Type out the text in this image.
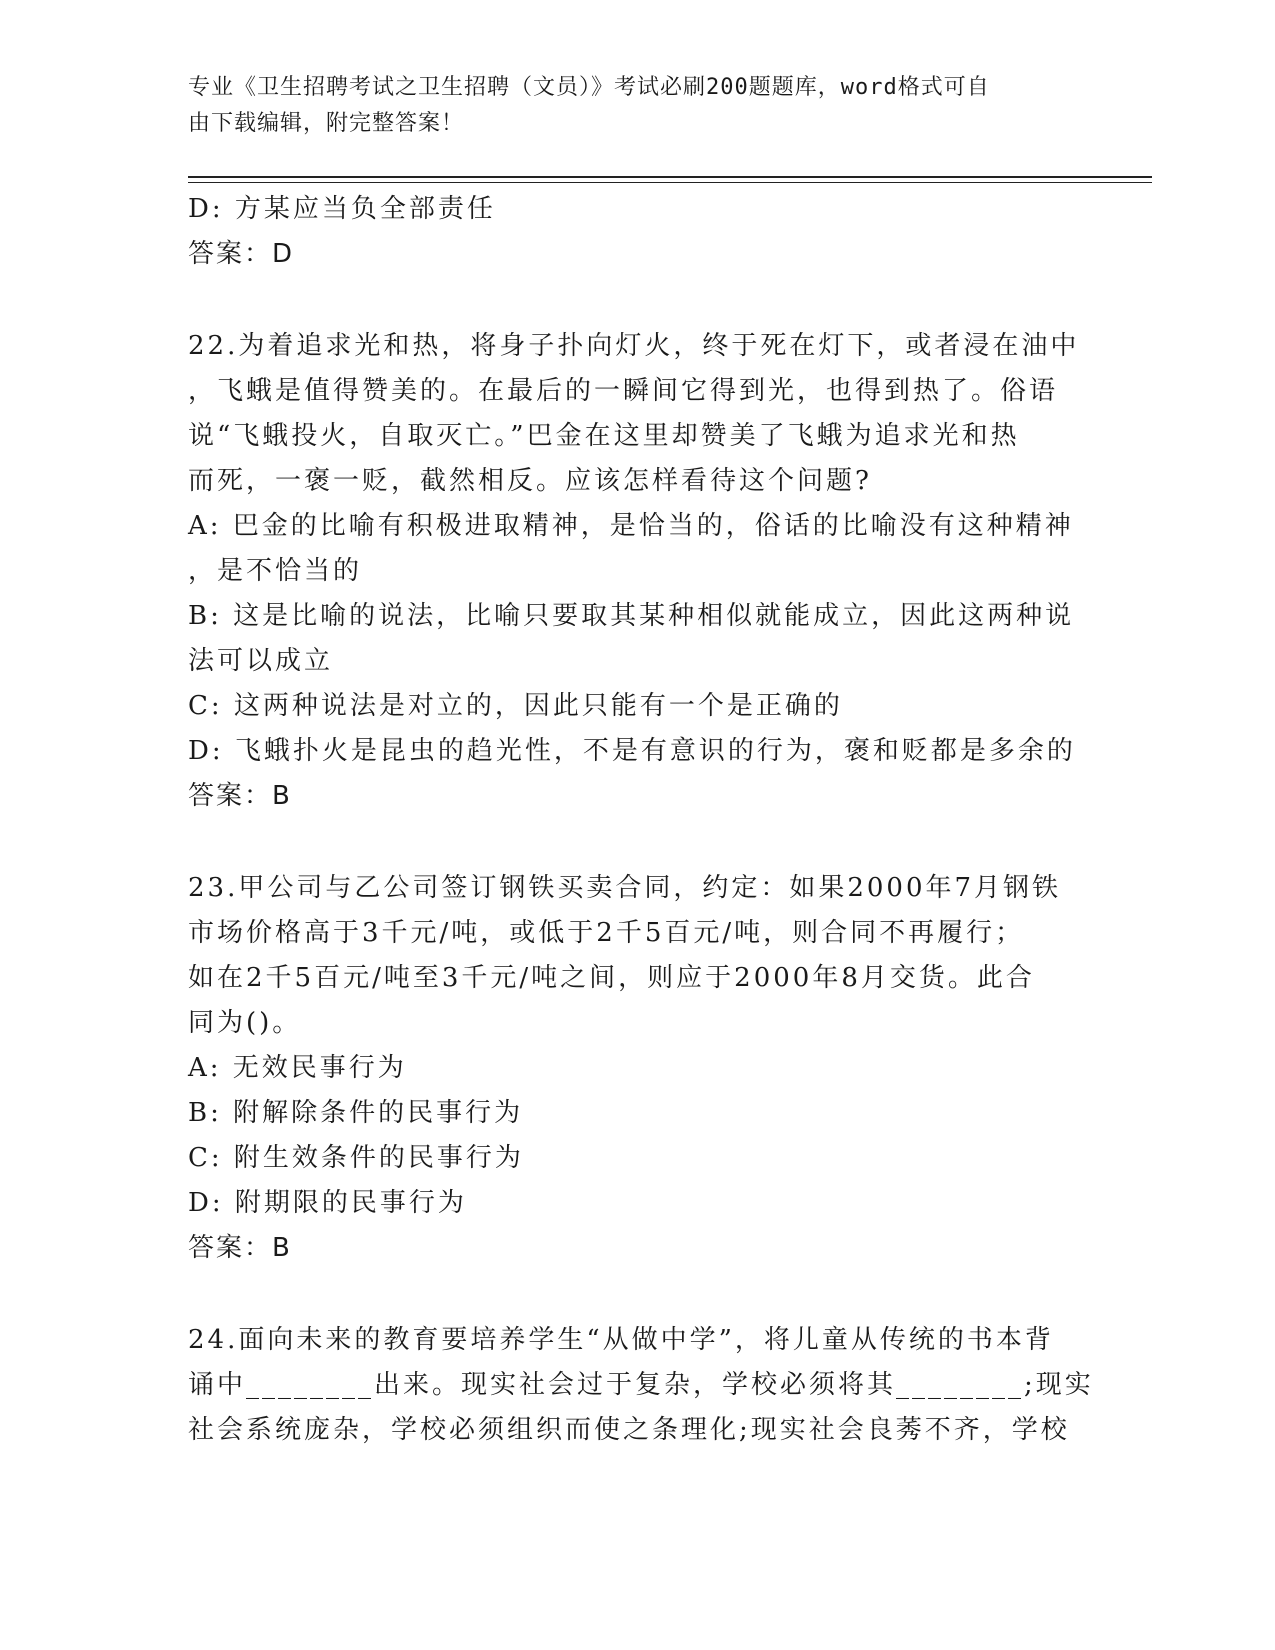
专业《卫生招聘考试之卫生招聘（文员）》考试必刷200题题库，word格式可自
由下载编辑，附完整答案！
D: 方某应当负全部责任
答案：D
22.为着追求光和热，将身子扑向灯火，终于死在灯下，或者浸在油中
，飞蛾是值得赞美的。在最后的一瞬间它得到光，也得到热了。俗语
说“飞蛾投火，自取灭亡。”巴金在这里却赞美了飞蛾为追求光和热
而死，一褒一贬，截然相反。应该怎样看待这个问题?
A: 巴金的比喻有积极进取精神，是恰当的，俗话的比喻没有这种精神
，是不恰当的
B: 这是比喻的说法，比喻只要取其某种相似就能成立，因此这两种说
法可以成立
C: 这两种说法是对立的，因此只能有一个是正确的
D: 飞蛾扑火是昆虫的趋光性，不是有意识的行为，褒和贬都是多余的
答案：B
23.甲公司与乙公司签订钢铁买卖合同，约定：如果2000年7月钢铁
市场价格高于3千元/吨，或低于2千5百元/吨，则合同不再履行；
如在2千5百元/吨至3千元/吨之间，则应于2000年8月交货。此合
同为()。
A: 无效民事行为
B: 附解除条件的民事行为
C: 附生效条件的民事行为
D: 附期限的民事行为
答案：B
24.面向未来的教育要培养学生“从做中学”，将儿童从传统的书本背
诵中________出来。现实社会过于复杂，学校必须将其________;现实
社会系统庞杂，学校必须组织而使之条理化;现实社会良莠不齐，学校
